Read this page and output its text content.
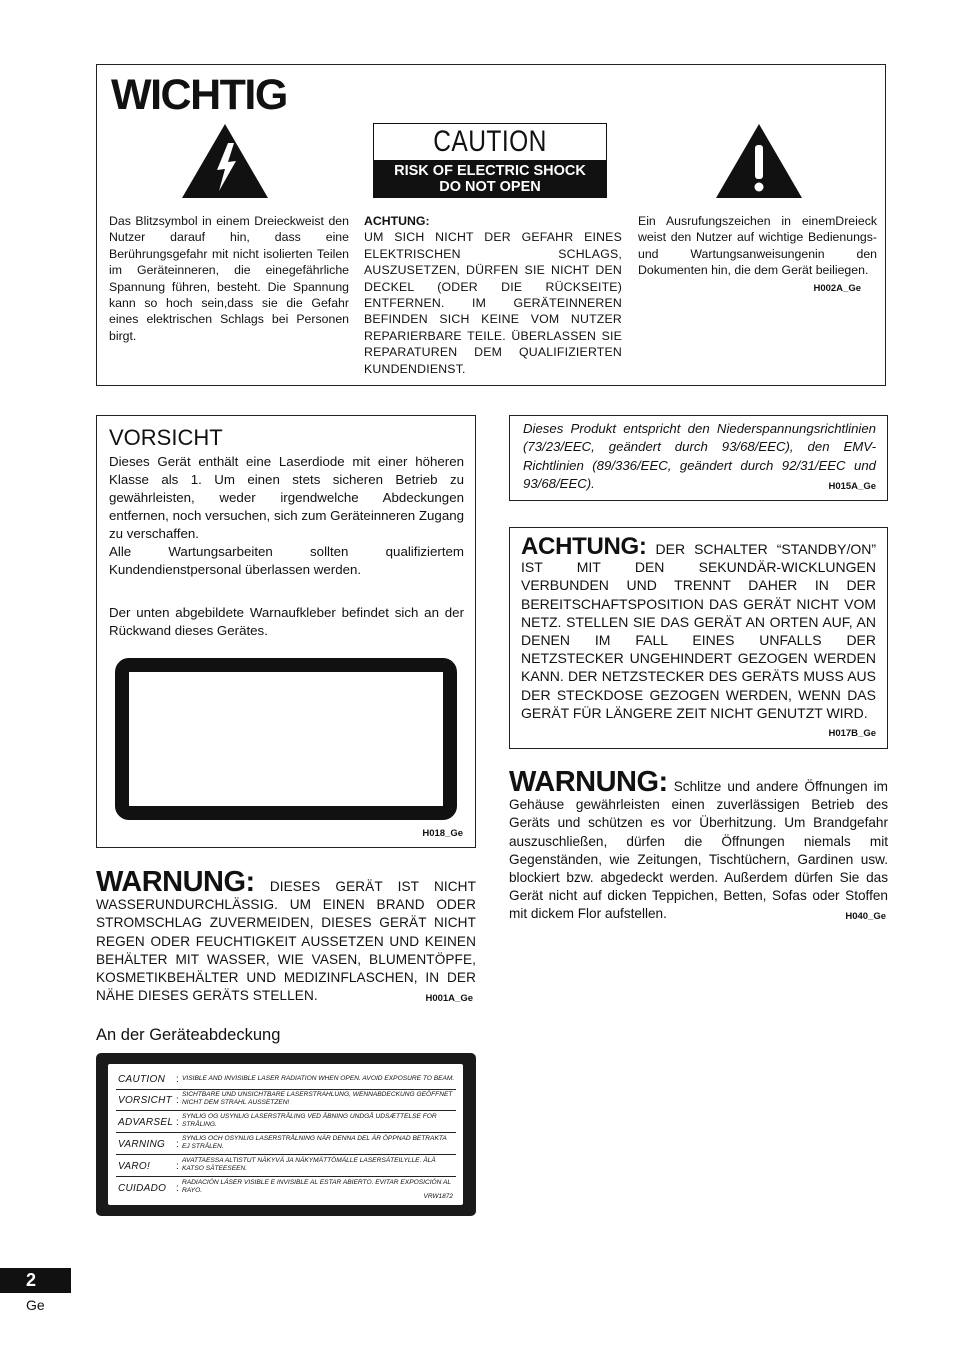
WICHTIG
CAUTION
RISK OF ELECTRIC SHOCK
DO NOT OPEN
Das Blitzsymbol in einem Dreieckweist den Nutzer darauf hin, dass eine Berührungsgefahr mit nicht isolierten Teilen im Geräteinneren, die einegefährliche Spannung führen, besteht. Die Spannung kann so hoch sein,dass sie die Gefahr eines elektrischen Schlags bei Personen birgt.
ACHTUNG:
UM SICH NICHT DER GEFAHR EINES ELEKTRISCHEN SCHLAGS, AUSZUSETZEN, DÜRFEN SIE NICHT DEN DECKEL (ODER DIE RÜCKSEITE) ENTFERNEN. IM GERÄTEINNEREN BEFINDEN SICH KEINE VOM NUTZER REPARIERBARE TEILE. ÜBERLASSEN SIE REPARATUREN DEM QUALIFIZIERTEN KUNDENDIENST.
Ein Ausrufungszeichen in einemDreieck weist den Nutzer auf wichtige Bedienungs- und Wartungsanweisungenin den Dokumenten hin, die dem Gerät beiliegen.
H002A_Ge
VORSICHT
Dieses Gerät enthält eine Laserdiode mit einer höheren Klasse als 1. Um einen stets sicheren Betrieb zu gewährleisten, weder irgendwelche Abdeckungen entfernen, noch versuchen, sich zum Geräteinneren Zugang zu verschaffen.
Alle Wartungsarbeiten sollten qualifiziertem Kundendienstpersonal überlassen werden.
Der unten abgebildete Warnaufkleber befindet sich an der Rückwand dieses Gerätes.
H018_Ge
WARNUNG: DIESES GERÄT IST NICHT WASSERUNDURCHLÄSSIG. UM EINEN BRAND ODER STROMSCHLAG ZUVERMEIDEN, DIESES GERÄT NICHT REGEN ODER FEUCHTIGKEIT AUSSETZEN UND KEINEN BEHÄLTER MIT WASSER, WIE VASEN, BLUMENTÖPFE, KOSMETIKBEHÄLTER UND MEDIZINFLASCHEN, IN DER NÄHE DIESES GERÄTS STELLEN.	H001A_Ge
An der Geräteabdeckung
CAUTION : VISIBLE AND INVISIBLE LASER RADIATION WHEN OPEN. AVOID EXPOSURE TO BEAM.
VORSICHT :
SICHTBARE UND UNSICHTBARE LASERSTRAHLUNG, WENNABDECKUNG GEÖFFNET NICHT DEM STRAHL AUSSETZEN!
ADVARSEL :
SYNLIG OG USYNLIG LASERSTRÅLING VED ÅBNING UNDGÅ UDSÆTTELSE FOR STRÅLING.
VARNING :
SYNLIG OCH OSYNLIG LASERSTRÅLNING NÄR DENNA DEL ÄR ÖPPNAD BETRAKTA EJ STRÅLEN.
VARO!	:
AVATTAESSA ALTISTUT NÄKYVÄ JA NÄKYMÄTTÖMÄLLE LASERSÄTEILYLLE. ÄLÄ KATSO SÄTEESEEN.
CUIDADO :
RADIACIÓN LÁSER VISIBLE E INVISIBLE AL ESTAR ABIERTO. EVITAR EXPOSICIÓN AL RAYO.
VRW1872
Dieses Produkt entspricht den Niederspannungsrichtlinien (73/23/EEC, geändert durch 93/68/EEC), den EMV-Richtlinien (89/336/EEC, geändert durch 92/31/EEC und 93/68/EEC).	H015A_Ge
ACHTUNG: DER SCHALTER “STANDBY/ON” IST MIT DEN SEKUNDÄR-WICKLUNGEN VERBUNDEN UND TRENNT DAHER IN DER BEREITSCHAFTSPOSITION DAS GERÄT NICHT VOM NETZ. STELLEN SIE DAS GERÄT AN ORTEN AUF, AN DENEN IM FALL EINES UNFALLS DER NETZSTECKER UNGEHINDERT GEZOGEN WERDEN KANN. DER NETZSTECKER DES GERÄTS MUSS AUS DER STECKDOSE GEZOGEN WERDEN, WENN DAS GERÄT FÜR LÄNGERE ZEIT NICHT GENUTZT WIRD.
H017B_Ge
WARNUNG: Schlitze und andere Öffnungen im Gehäuse gewährleisten einen zuverlässigen Betrieb des Geräts und schützen es vor Überhitzung. Um Brandgefahr auszuschließen, dürfen die Öffnungen niemals mit Gegenständen, wie Zeitungen, Tischtüchern, Gardinen usw. blockiert bzw. abgedeckt werden. Außerdem dürfen Sie das Gerät nicht auf dicken Teppichen, Betten, Sofas oder Stoffen mit dickem Flor aufstellen.	H040_Ge
2
Ge
